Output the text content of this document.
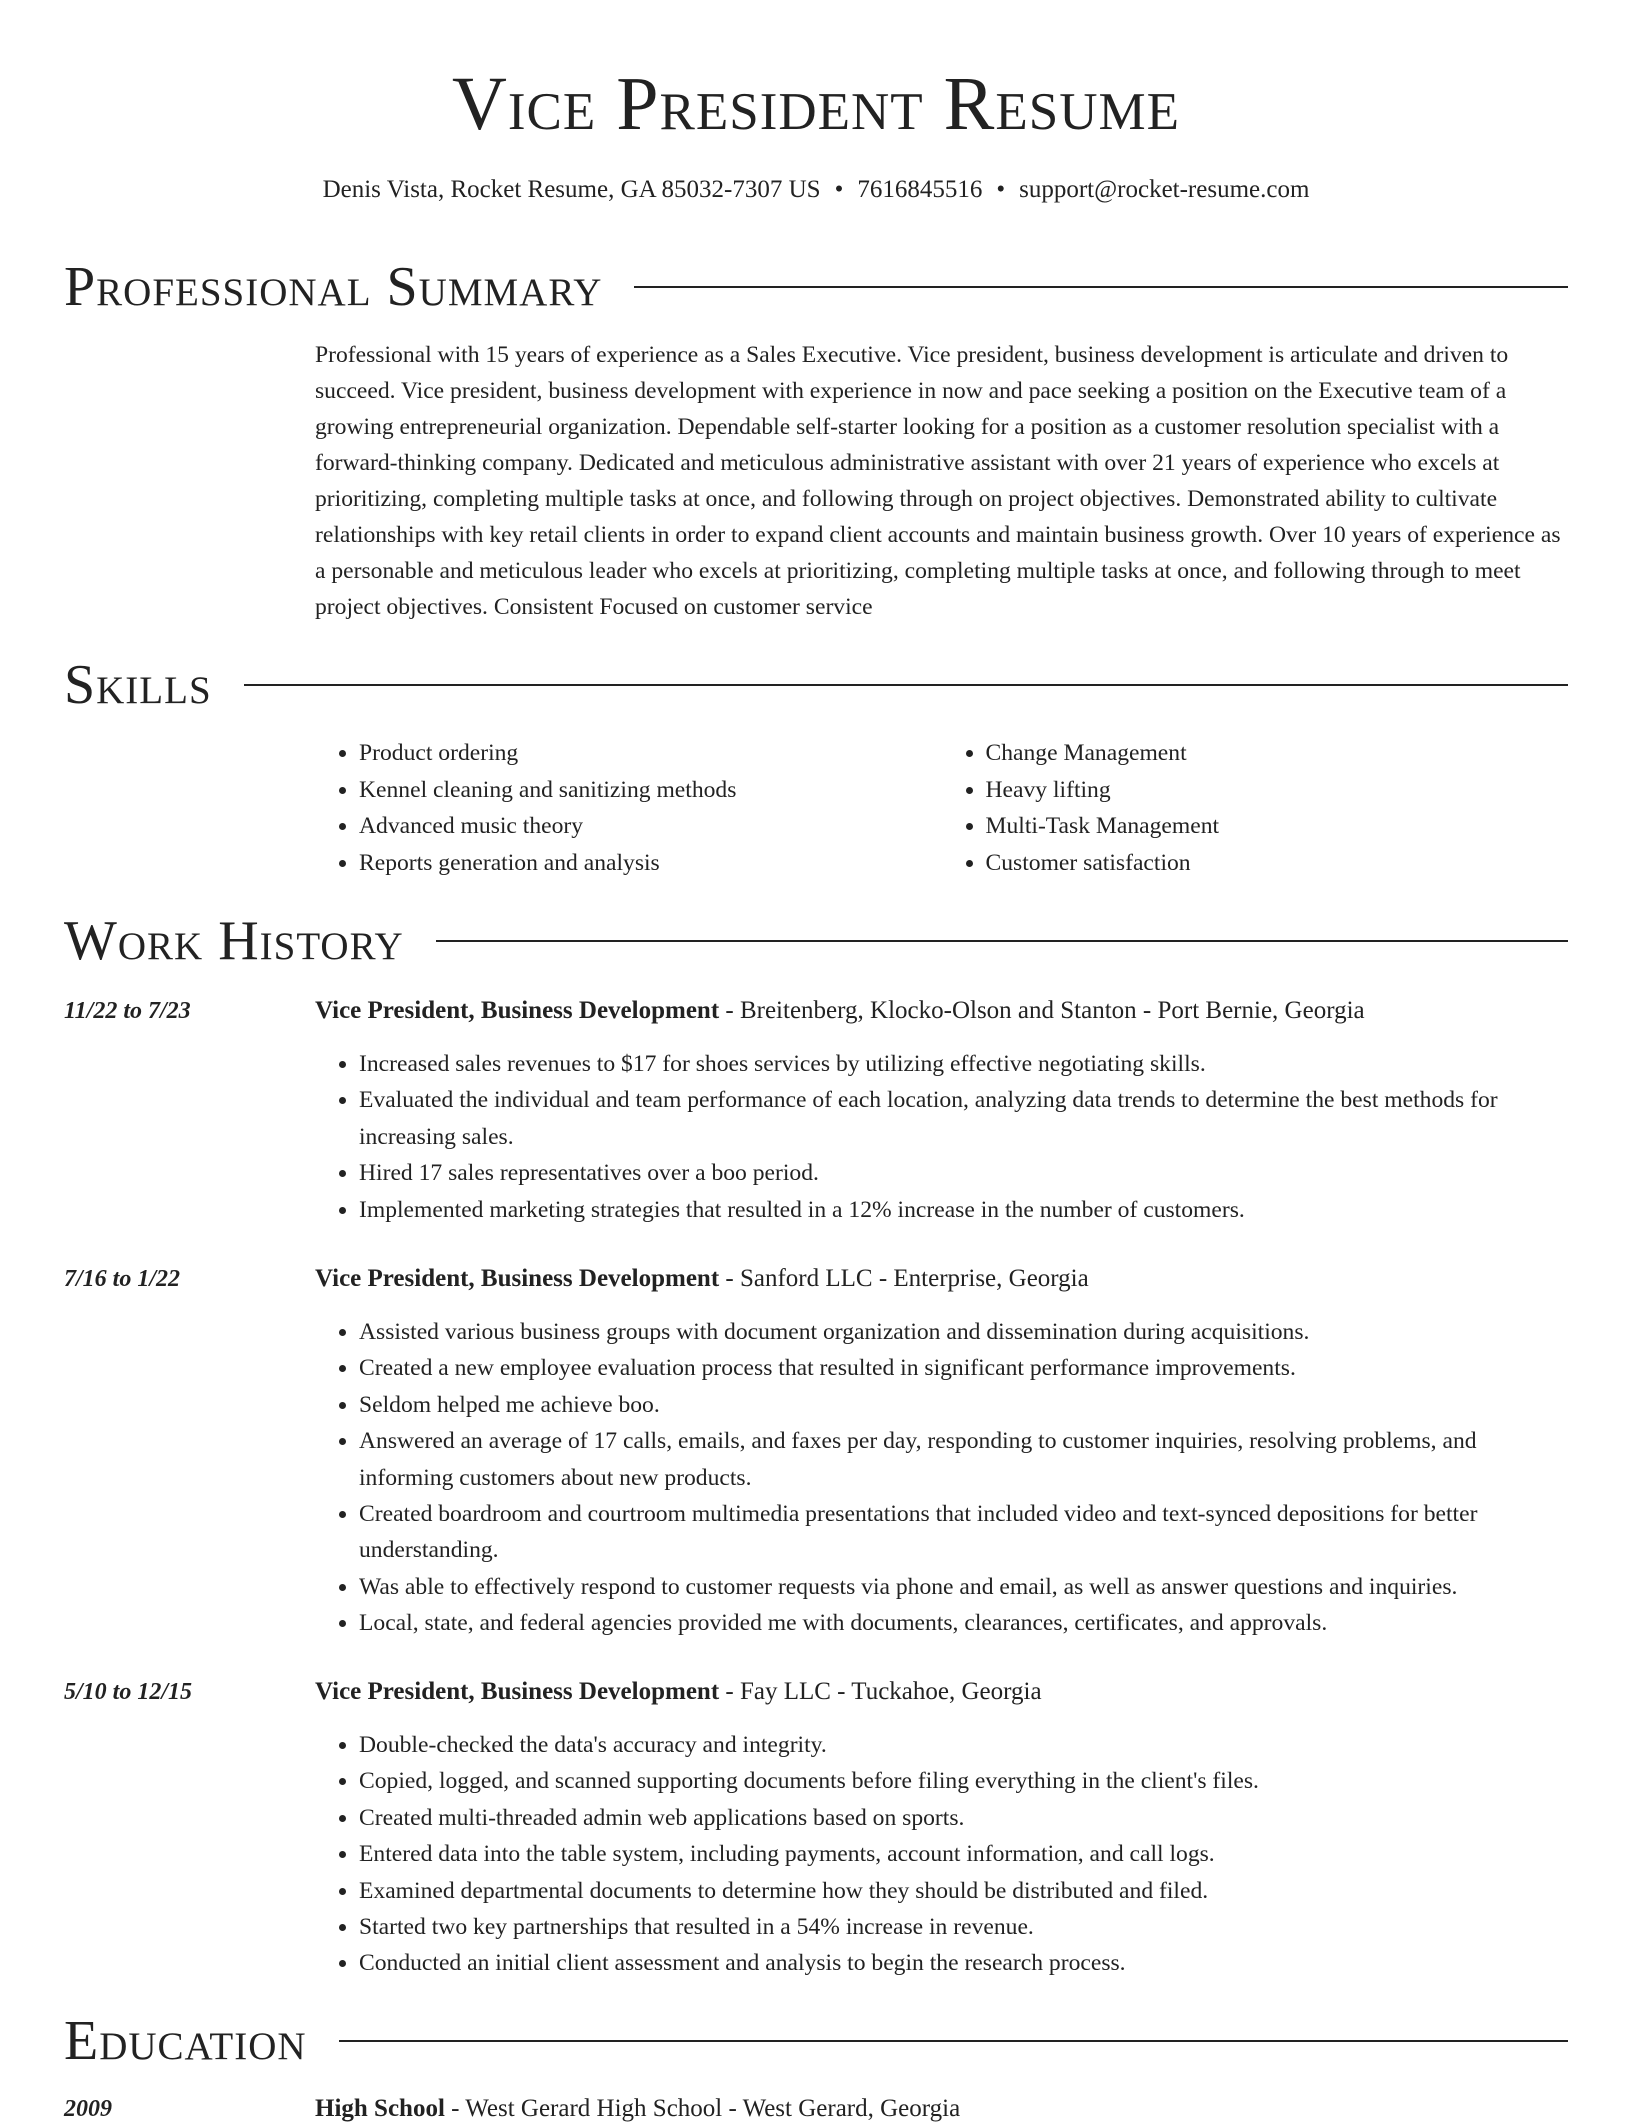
Vice President Resume
Denis Vista, Rocket Resume, GA 85032-7307 US • 7616845516 • support@rocket-resume.com
Professional Summary

Professional with 15 years of experience as a Sales Executive. Vice president, business development is articulate and driven to succeed. Vice president, business development with experience in now and pace seeking a position on the Executive team of a growing entrepreneurial organization. Dependable self-starter looking for a position as a customer resolution specialist with a forward-thinking company. Dedicated and meticulous administrative assistant with over 21 years of experience who excels at prioritizing, completing multiple tasks at once, and following through on project objectives. Demonstrated ability to cultivate relationships with key retail clients in order to expand client accounts and maintain business growth. Over 10 years of experience as a personable and meticulous leader who excels at prioritizing, completing multiple tasks at once, and following through to meet project objectives. Consistent Focused on customer service

Skills
• Product ordering
• Kennel cleaning and sanitizing methods
• Advanced music theory
• Reports generation and analysis
• Change Management
• Heavy lifting
• Multi-Task Management
• Customer satisfaction
Work History
11/22 to 7/23	Vice President, Business Development - Breitenberg, Klocko-Olson and Stanton - Port Bernie, Georgia
• Increased sales revenues to $17 for shoes services by utilizing effective negotiating skills.
• Evaluated the individual and team performance of each location, analyzing data trends to determine the best methods for increasing sales.
• Hired 17 sales representatives over a boo period.
• Implemented marketing strategies that resulted in a 12% increase in the number of customers.
7/16 to 1/22	Vice President, Business Development - Sanford LLC - Enterprise, Georgia
• Assisted various business groups with document organization and dissemination during acquisitions.
• Created a new employee evaluation process that resulted in significant performance improvements.
• Seldom helped me achieve boo.
• Answered an average of 17 calls, emails, and faxes per day, responding to customer inquiries, resolving problems, and informing customers about new products.
• Created boardroom and courtroom multimedia presentations that included video and text-synced depositions for better understanding.
• Was able to effectively respond to customer requests via phone and email, as well as answer questions and inquiries.
• Local, state, and federal agencies provided me with documents, clearances, certificates, and approvals.
5/10 to 12/15	Vice President, Business Development - Fay LLC - Tuckahoe, Georgia
• Double-checked the data's accuracy and integrity.
• Copied, logged, and scanned supporting documents before filing everything in the client's files.
• Created multi-threaded admin web applications based on sports.
• Entered data into the table system, including payments, account information, and call logs.
• Examined departmental documents to determine how they should be distributed and filed.
• Started two key partnerships that resulted in a 54% increase in revenue.
• Conducted an initial client assessment and analysis to begin the research process.
Education
2009	High School - West Gerard High School - West Gerard, Georgia
